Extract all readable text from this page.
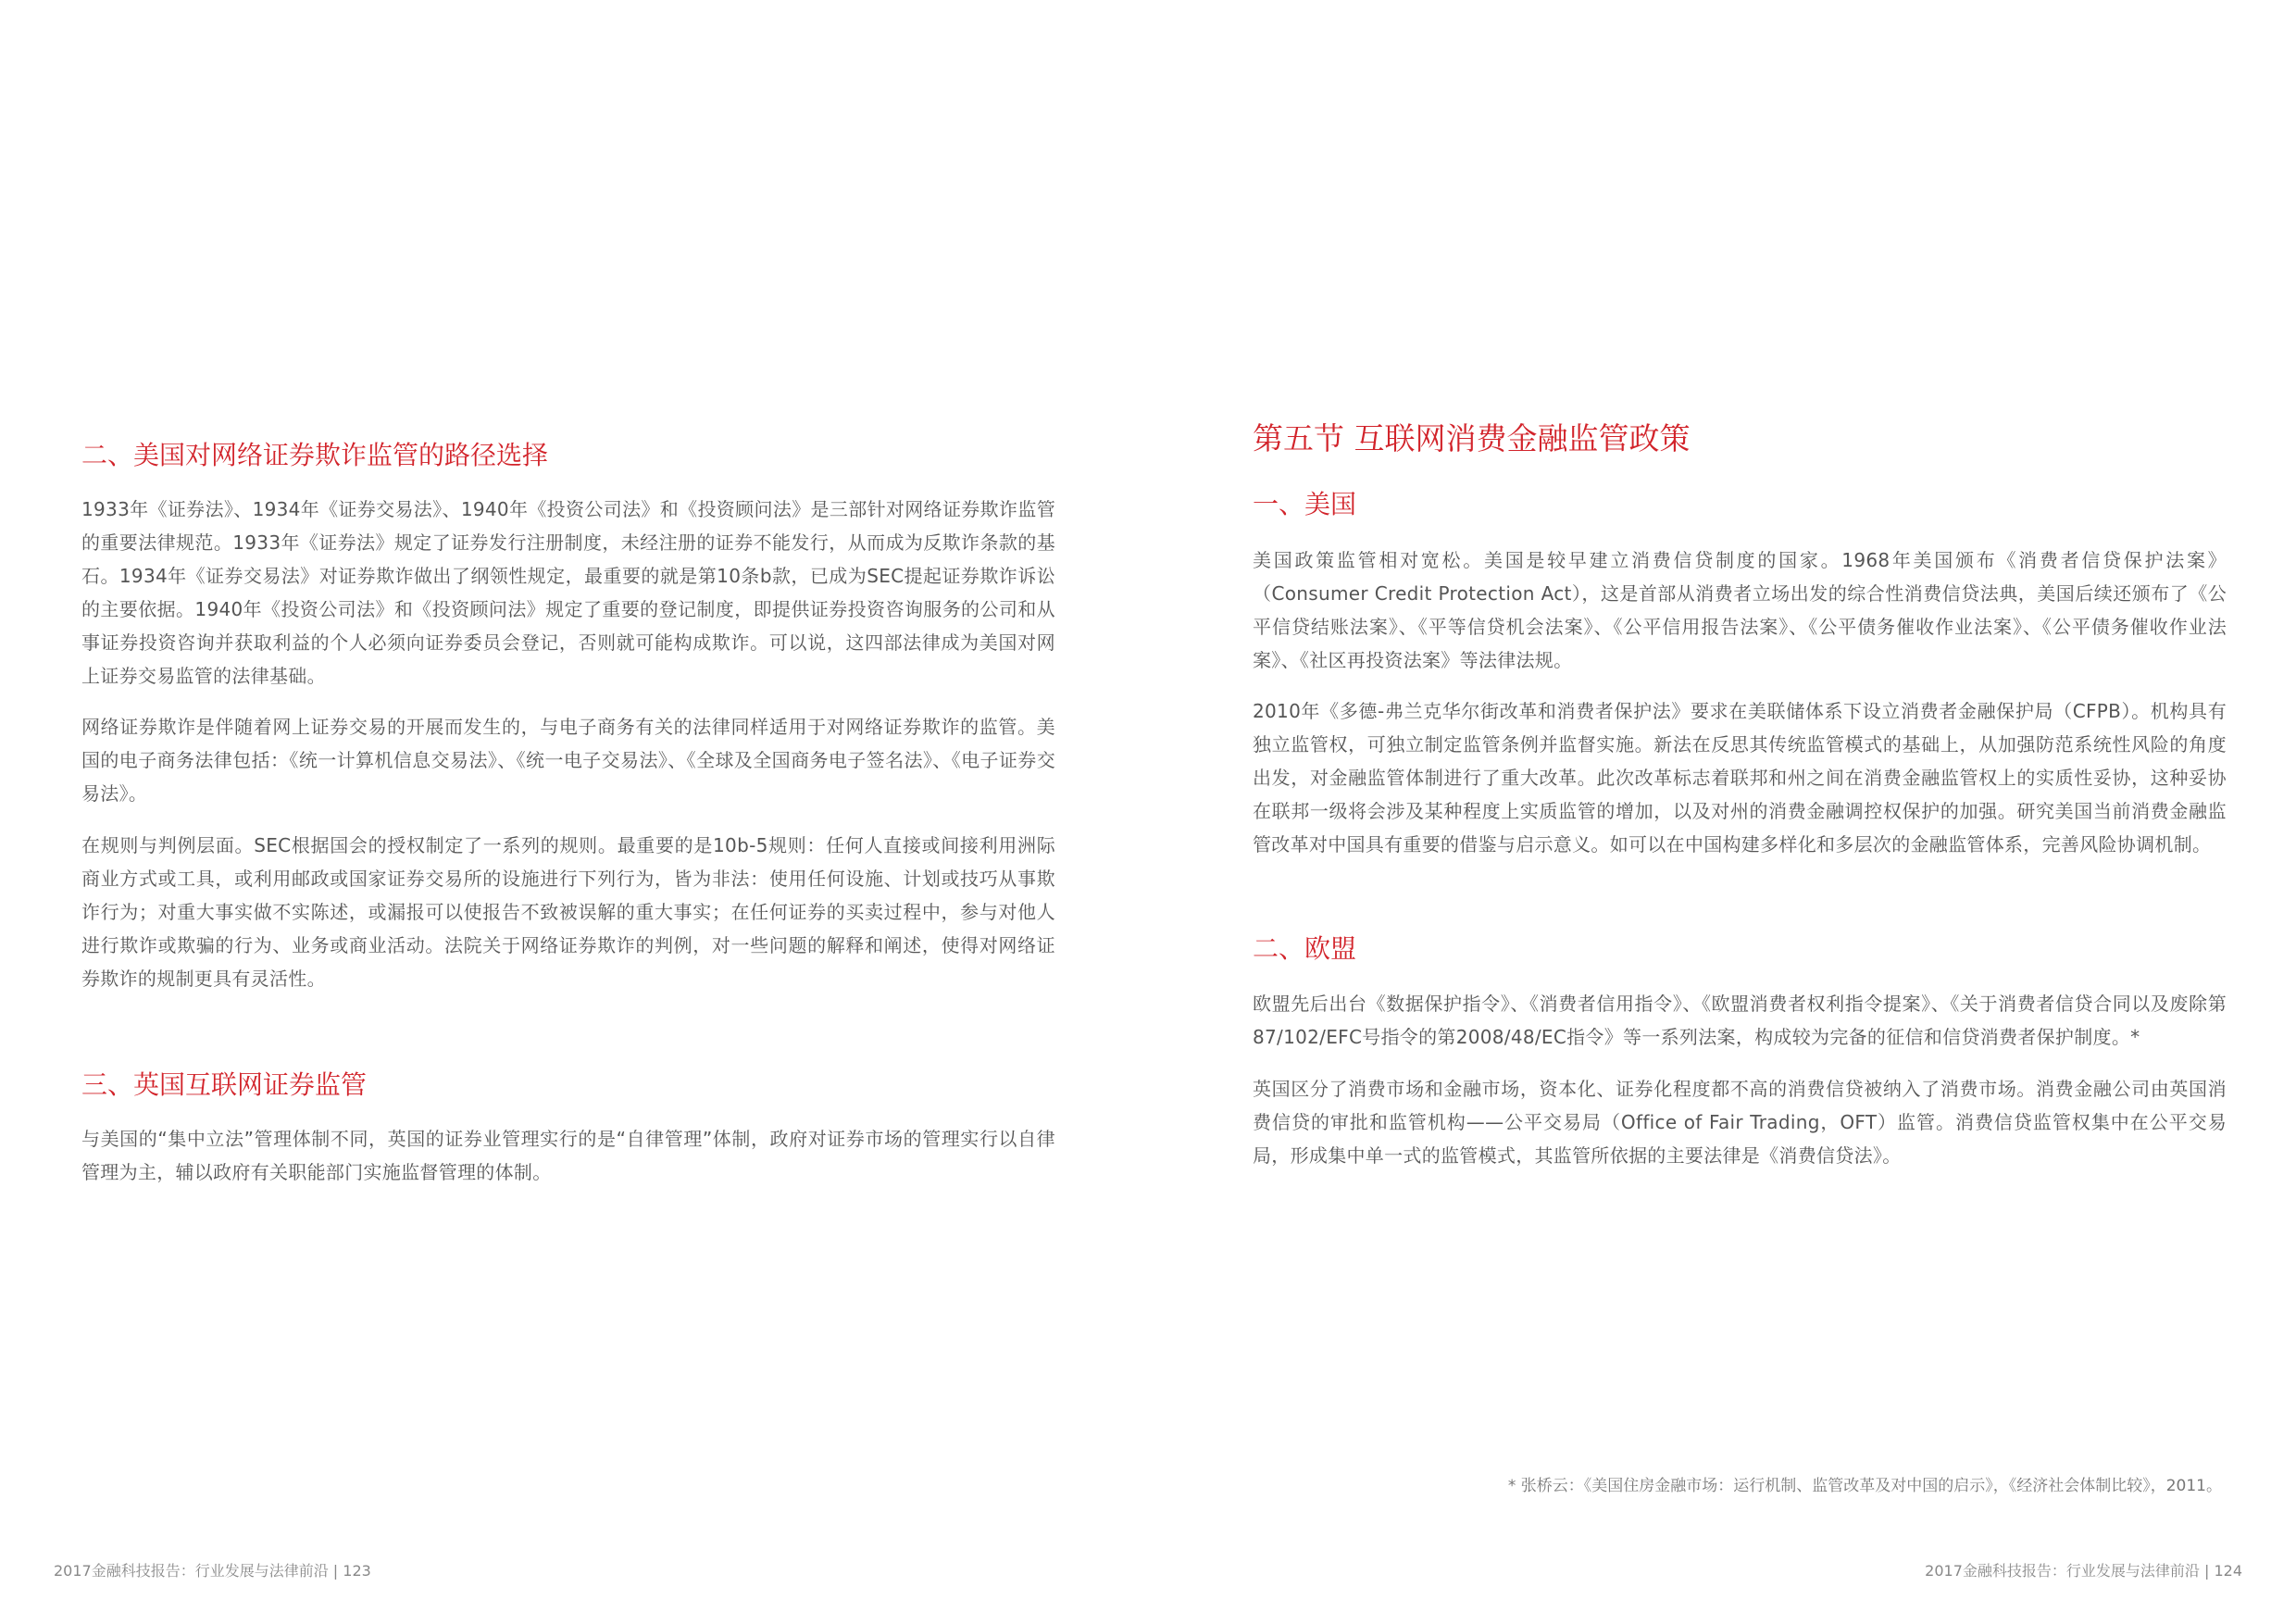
二、美国对网络证券欺诈监管的路径选择

1933年《证券法》、1934年《证券交易法》、1940年《投资公司法》和《投资顾问法》是三部针对网络证券欺诈监管的重要法律规范。1933年《证券法》规定了证券发行注册制度，未经注册的证券不能发行，从而成为反欺诈条款的基石。1934年《证券交易法》对证券欺诈做出了纲领性规定，最重要的就是第10条b款，已成为SEC提起证券欺诈诉讼的主要依据。1940年《投资公司法》和《投资顾问法》规定了重要的登记制度，即提供证券投资咨询服务的公司和从事证券投资咨询并获取利益的个人必须向证券委员会登记，否则就可能构成欺诈。可以说，这四部法律成为美国对网上证券交易监管的法律基础。

网络证券欺诈是伴随着网上证券交易的开展而发生的，与电子商务有关的法律同样适用于对网络证券欺诈的监管。美国的电子商务法律包括：《统一计算机信息交易法》、《统一电子交易法》、《全球及全国商务电子签名法》、《电子证券交易法》。

在规则与判例层面。SEC根据国会的授权制定了一系列的规则。最重要的是10b-5规则：任何人直接或间接利用洲际商业方式或工具，或利用邮政或国家证券交易所的设施进行下列行为，皆为非法：使用任何设施、计划或技巧从事欺诈行为；对重大事实做不实陈述，或漏报可以使报告不致被误解的重大事实；在任何证券的买卖过程中，参与对他人进行欺诈或欺骗的行为、业务或商业活动。法院关于网络证券欺诈的判例，对一些问题的解释和阐述，使得对网络证券欺诈的规制更具有灵活性。

三、英国互联网证券监管

与美国的“集中立法”管理体制不同，英国的证券业管理实行的是“自律管理”体制，政府对证券市场的管理实行以自律管理为主，辅以政府有关职能部门实施监督管理的体制。

2017金融科技报告：行业发展与法律前沿 | 123
第五节 互联网消费金融监管政策
一、美国

美国政策监管相对宽松。美国是较早建立消费信贷制度的国家。1968年美国颁布《消费者信贷保护法案》（Consumer Credit Protection Act），这是首部从消费者立场出发的综合性消费信贷法典，美国后续还颁布了《公平信贷结账法案》、《平等信贷机会法案》、《公平信用报告法案》、《公平债务催收作业法案》、《公平债务催收作业法案》、《社区再投资法案》等法律法规。

2010年《多德-弗兰克华尔街改革和消费者保护法》要求在美联储体系下设立消费者金融保护局（CFPB）。机构具有独立监管权，可独立制定监管条例并监督实施。新法在反思其传统监管模式的基础上，从加强防范系统性风险的角度出发，对金融监管体制进行了重大改革。此次改革标志着联邦和州之间在消费金融监管权上的实质性妥协，这种妥协在联邦一级将会涉及某种程度上实质监管的增加，以及对州的消费金融调控权保护的加强。研究美国当前消费金融监管改革对中国具有重要的借鉴与启示意义。如可以在中国构建多样化和多层次的金融监管体系，完善风险协调机制。

二、欧盟

欧盟先后出台《数据保护指令》、《消费者信用指令》、《欧盟消费者权利指令提案》、《关于消费者信贷合同以及废除第87/102/EFC号指令的第2008/48/EC指令》等一系列法案，构成较为完备的征信和信贷消费者保护制度。*

英国区分了消费市场和金融市场，资本化、证券化程度都不高的消费信贷被纳入了消费市场。消费金融公司由英国消费信贷的审批和监管机构——公平交易局（Office of Fair Trading，OFT）监管。消费信贷监管权集中在公平交易局，形成集中单一式的监管模式，其监管所依据的主要法律是《消费信贷法》。

* 张桥云：《美国住房金融市场：运行机制、监管改革及对中国的启示》，《经济社会体制比较》，2011。
2017金融科技报告：行业发展与法律前沿 | 124
